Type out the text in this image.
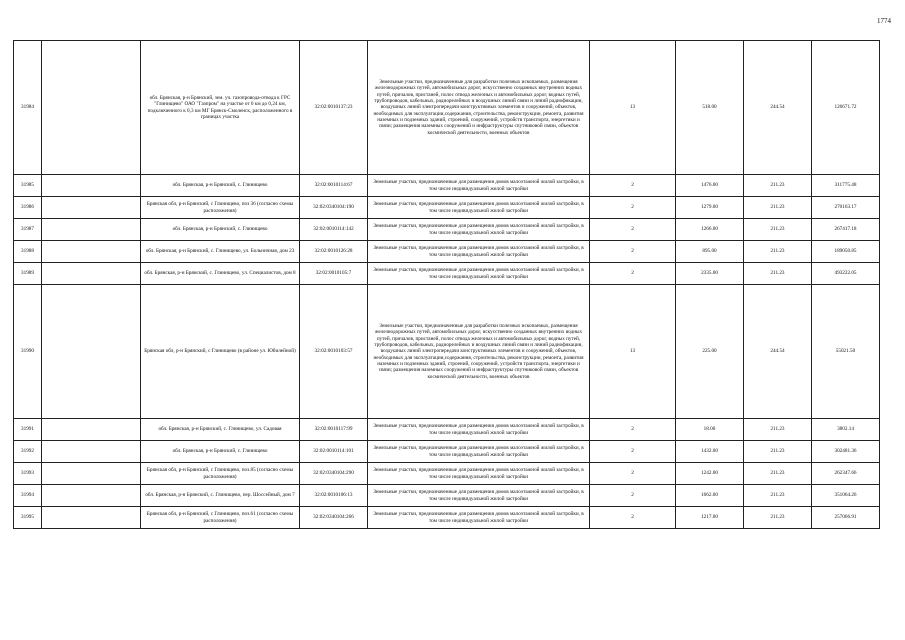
1774
31984		обл. Брянская, р-н Брянский, зем. уч. газопровода-отвода к ГРС "Глинищево" ОАО "Газпром" на участке от 0 км до 0,24 км, подключенного к 0,3 км МГ Брянск-Смоленск, расположенного в границах участка	32:02:0010137:23	Земельные участки, предназначенные для разработки полезных ископаемых, размещения железнодорожных путей, автомобильных дорог, искусственно созданных внутренних водных путей, причалов, пристаней, полос отвода железных и автомобильных дорог, водных путей, трубопроводов, кабельных, радиорелейных и воздушных линий связи и линий радиофикации, воздушных линий электропередачи конструктивных элементов и сооружений, объектов, необходимых для эксплуатации,содержания, строительства, реконструкции, ремонта, развития наземных и подземных зданий, строений, сооружений, устройств транспорта, энергетики и связи; размещения наземных сооружений и инфраструктуры спутниковой связи, объектов космической деятельности, военных объектов	13	518.00	244.54	126671.72
31985		обл. Брянская, р-н Брянский, с. Глинищево	32:02:0010114:67	Земельные участки, предназначенные для размещения домов малоэтажной жилой застройки, в том числе индивидуальной жилой застройки	2	1476.00	211.23	311775.48
31986		Брянская обл, р-н Брянский, с Глинищево, поз 36 (согласно схемы расположения)	32:02:0340104:190	Земельные участки, предназначенные для размещения домов малоэтажной жилой застройки, в том числе индивидуальной жилой застройки	2	1279.00	211.23	270163.17
31987		обл. Брянская, р-н Брянский, с. Глинищево	32:02:0010114:142	Земельные участки, предназначенные для размещения домов малоэтажной жилой застройки, в том числе индивидуальной жилой застройки	2	1266.00	211.23	267417.18
31988		обл. Брянская, р-н Брянский, с. Глинищево, ул. Больничная, дом 23	32:02:0010126:28	Земельные участки, предназначенные для размещения домов малоэтажной жилой застройки, в том числе индивидуальной жилой застройки	2	895.00	211.23	189050.85
31989		обл. Брянская, р-н Брянский, с. Глинищево, ул. Специалистов, дом 8	32:02:0010105:7	Земельные участки, предназначенные для размещения домов малоэтажной жилой застройки, в том числе индивидуальной жилой застройки	2	2335.00	211.23	493222.05
31990		Брянская обл, р-н Брянский, с Глинищево (в районе ул. Юбилейной)	32:02:0010103:57	Земельные участки, предназначенные для разработки полезных ископаемых, размещения железнодорожных путей, автомобильных дорог, искусственно созданных внутренних водных путей, причалов, пристаней, полос отвода железных и автомобильных дорог, водных путей, трубопроводов, кабельных, радиорелейных и воздушных линий связи и линий радиофикации, воздушных линий электропередачи конструктивных элементов и сооружений, объектов, необходимых для эксплуатации,содержания, строительства, реконструкции, ремонта, развития наземных и подземных зданий, строений, сооружений, устройств транспорта, энергетики и связи; размещения наземных сооружений и инфраструктуры спутниковой связи, объектов космической деятельности, военных объектов	13	225.00	244.54	55021.50
31991		обл. Брянская, р-н Брянский, с. Глинищево, ул. Садовая	32:02:0010117:99	Земельные участки, предназначенные для размещения домов малоэтажной жилой застройки, в том числе индивидуальной жилой застройки	2	18.00	211.23	3802.14
31992		обл. Брянская, р-н Брянский, с. Глинищево	32:02:0010114:101	Земельные участки, предназначенные для размещения домов малоэтажной жилой застройки, в том числе индивидуальной жилой застройки	2	1432.00	211.23	302481.36
31993		Брянская обл, р-н Брянский, с Глинищево, поз.85 (согласно схемы расположения)	32:02:0340104:290	Земельные участки, предназначенные для размещения домов малоэтажной жилой застройки, в том числе индивидуальной жилой застройки	2	1242.00	211.23	262347.66
31994		обл. Брянская, р-н Брянский, с. Глинищево, пер. Шоссейный, дом 7	32:02:0010106:13	Земельные участки, предназначенные для размещения домов малоэтажной жилой застройки, в том числе индивидуальной жилой застройки	2	1662.00	211.23	351064.26
31995		Брянская обл, р-н Брянский, с Глинищево, поз.61 (согласно схемы расположения)	32:02:0340104:266	Земельные участки, предназначенные для размещения домов малоэтажной жилой застройки, в том числе индивидуальной жилой застройки	2	1217.00	211.23	257066.91
